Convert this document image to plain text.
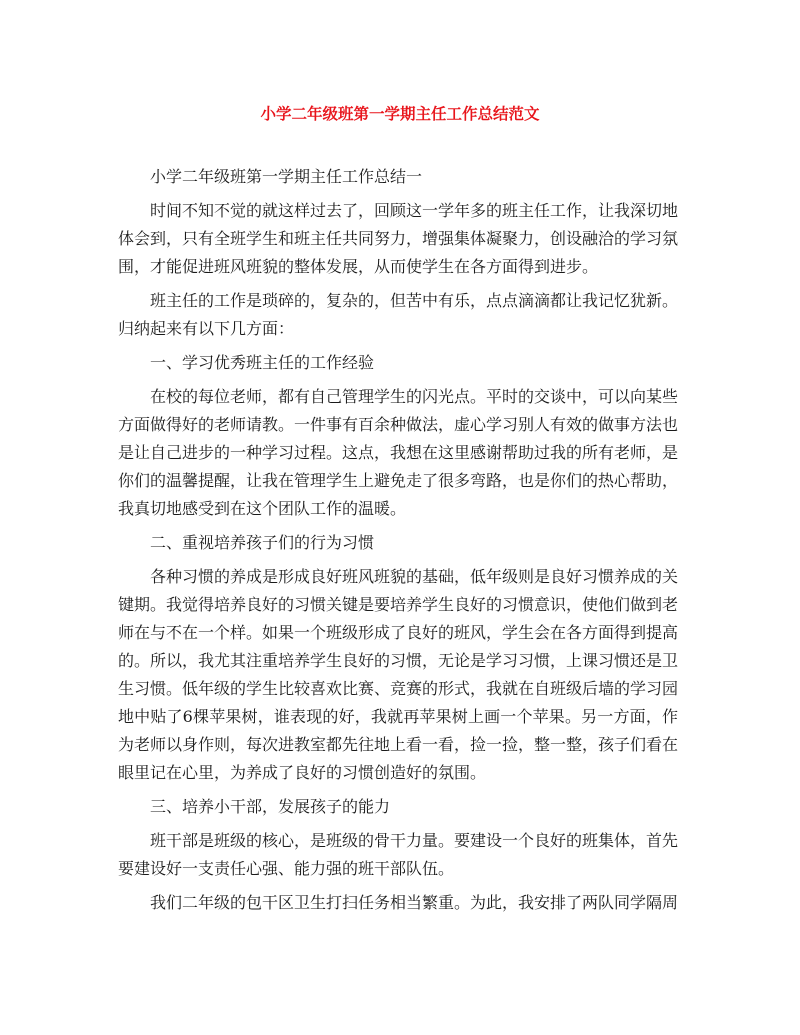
小学二年级班第一学期主任工作总结范文

小学二年级班第一学期主任工作总结一

时间不知不觉的就这样过去了，回顾这一学年多的班主任工作，让我深切地体会到，只有全班学生和班主任共同努力，增强集体凝聚力，创设融洽的学习氛围，才能促进班风班貌的整体发展，从而使学生在各方面得到进步。

班主任的工作是琐碎的，复杂的，但苦中有乐，点点滴滴都让我记忆犹新。归纳起来有以下几方面：

一、学习优秀班主任的工作经验

在校的每位老师，都有自己管理学生的闪光点。平时的交谈中，可以向某些方面做得好的老师请教。一件事有百余种做法，虚心学习别人有效的做事方法也是让自己进步的一种学习过程。这点，我想在这里感谢帮助过我的所有老师，是你们的温馨提醒，让我在管理学生上避免走了很多弯路，也是你们的热心帮助，我真切地感受到在这个团队工作的温暖。

二、重视培养孩子们的行为习惯

各种习惯的养成是形成良好班风班貌的基础，低年级则是良好习惯养成的关键期。我觉得培养良好的习惯关键是要培养学生良好的习惯意识，使他们做到老师在与不在一个样。如果一个班级形成了良好的班风，学生会在各方面得到提高的。所以，我尤其注重培养学生良好的习惯，无论是学习习惯，上课习惯还是卫生习惯。低年级的学生比较喜欢比赛、竞赛的形式，我就在自班级后墙的学习园地中贴了6棵苹果树，谁表现的好，我就再苹果树上画一个苹果。另一方面，作为老师以身作则，每次进教室都先往地上看一看，捡一捡，整一整，孩子们看在眼里记在心里，为养成了良好的习惯创造好的氛围。

三、培养小干部，发展孩子的能力

班干部是班级的核心，是班级的骨干力量。要建设一个良好的班集体，首先要建设好一支责任心强、能力强的班干部队伍。

我们二年级的包干区卫生打扫任务相当繁重。为此，我安排了两队同学隔周
